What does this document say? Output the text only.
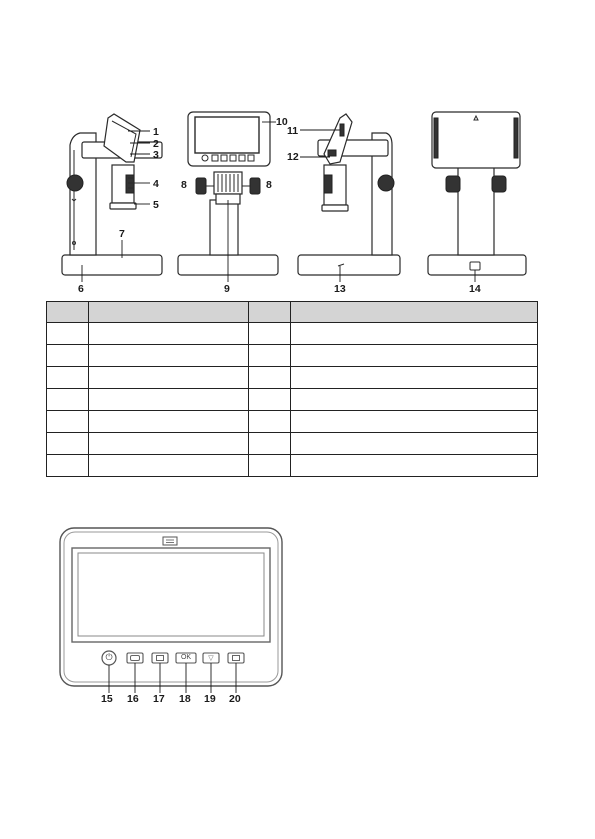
1
2
3
4
5
6
7
8	8
9
10
11
12
13	14

⏻	OK	▽
15 16 17 18 19 20
